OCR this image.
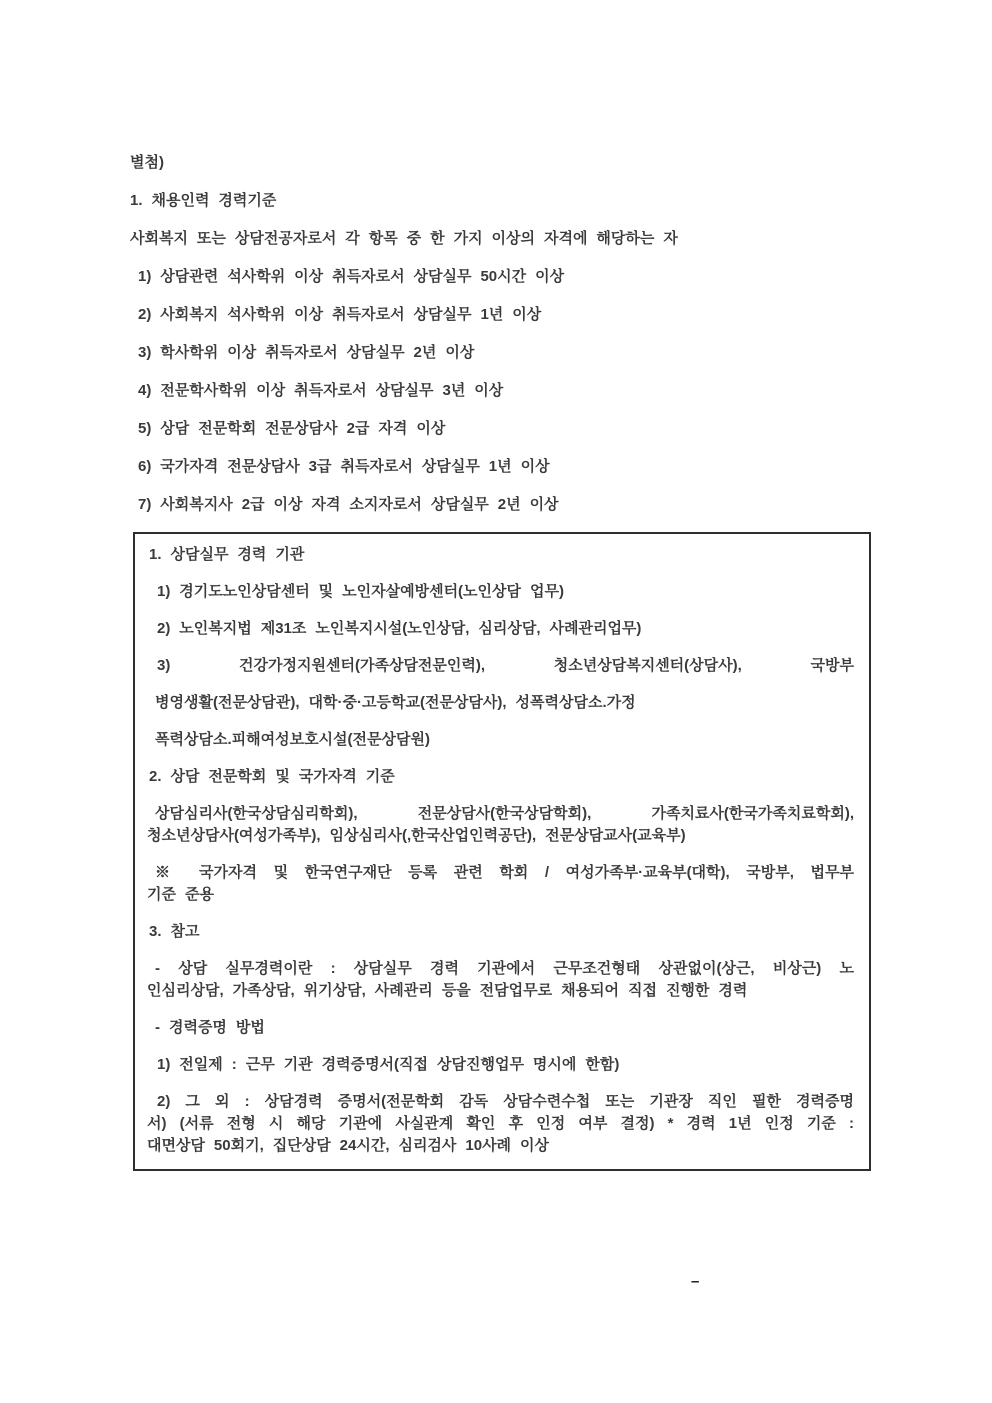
별첨)
1. 채용인력 경력기준
사회복지 또는 상담전공자로서 각 항목 중 한 가지 이상의 자격에 해당하는 자
1) 상담관련 석사학위 이상 취득자로서 상담실무 50시간 이상
2) 사회복지 석사학위 이상 취득자로서 상담실무 1년 이상
3) 학사학위 이상 취득자로서 상담실무 2년 이상
4) 전문학사학위 이상 취득자로서 상담실무 3년 이상
5) 상담 전문학회 전문상담사 2급 자격 이상
6) 국가자격 전문상담사 3급 취득자로서 상담실무 1년 이상
7) 사회복지사 2급 이상 자격 소지자로서 상담실무 2년 이상
1. 상담실무 경력 기관
1) 경기도노인상담센터 및 노인자살예방센터(노인상담 업무)
2) 노인복지법 제31조 노인복지시설(노인상담, 심리상담, 사례관리업무)
3) 건강가정지원센터(가족상담전문인력), 청소년상담복지센터(상담사), 국방부
병영생활(전문상담관), 대학·중·고등학교(전문상담사), 성폭력상담소.가정
폭력상담소.피해여성보호시설(전문상담원)
2. 상담 전문학회 및 국가자격 기준
상담심리사(한국상담심리학회), 전문상담사(한국상담학회), 가족치료사(한국가족치료학회),
청소년상담사(여성가족부), 임상심리사(,한국산업인력공단), 전문상담교사(교육부)
※ 국가자격 및 한국연구재단 등록 관련 학회 / 여성가족부·교육부(대학), 국방부, 법무부
기준 준용
3. 참고
- 상담 실무경력이란 : 상담실무 경력 기관에서 근무조건형태 상관없이(상근, 비상근) 노
인심리상담, 가족상담, 위기상담, 사례관리 등을 전담업무로 채용되어 직접 진행한 경력
- 경력증명 방법
1) 전일제 : 근무 기관 경력증명서(직접 상담진행업무 명시에 한함)
2) 그 외 : 상담경력 증명서(전문학회 감독 상담수련수첩 또는 기관장 직인 필한 경력증명
서) (서류 전형 시 해당 기관에 사실관계 확인 후 인정 여부 결정) * 경력 1년 인정 기준 :
대면상담 50회기, 집단상담 24시간, 심리검사 10사례 이상
–
